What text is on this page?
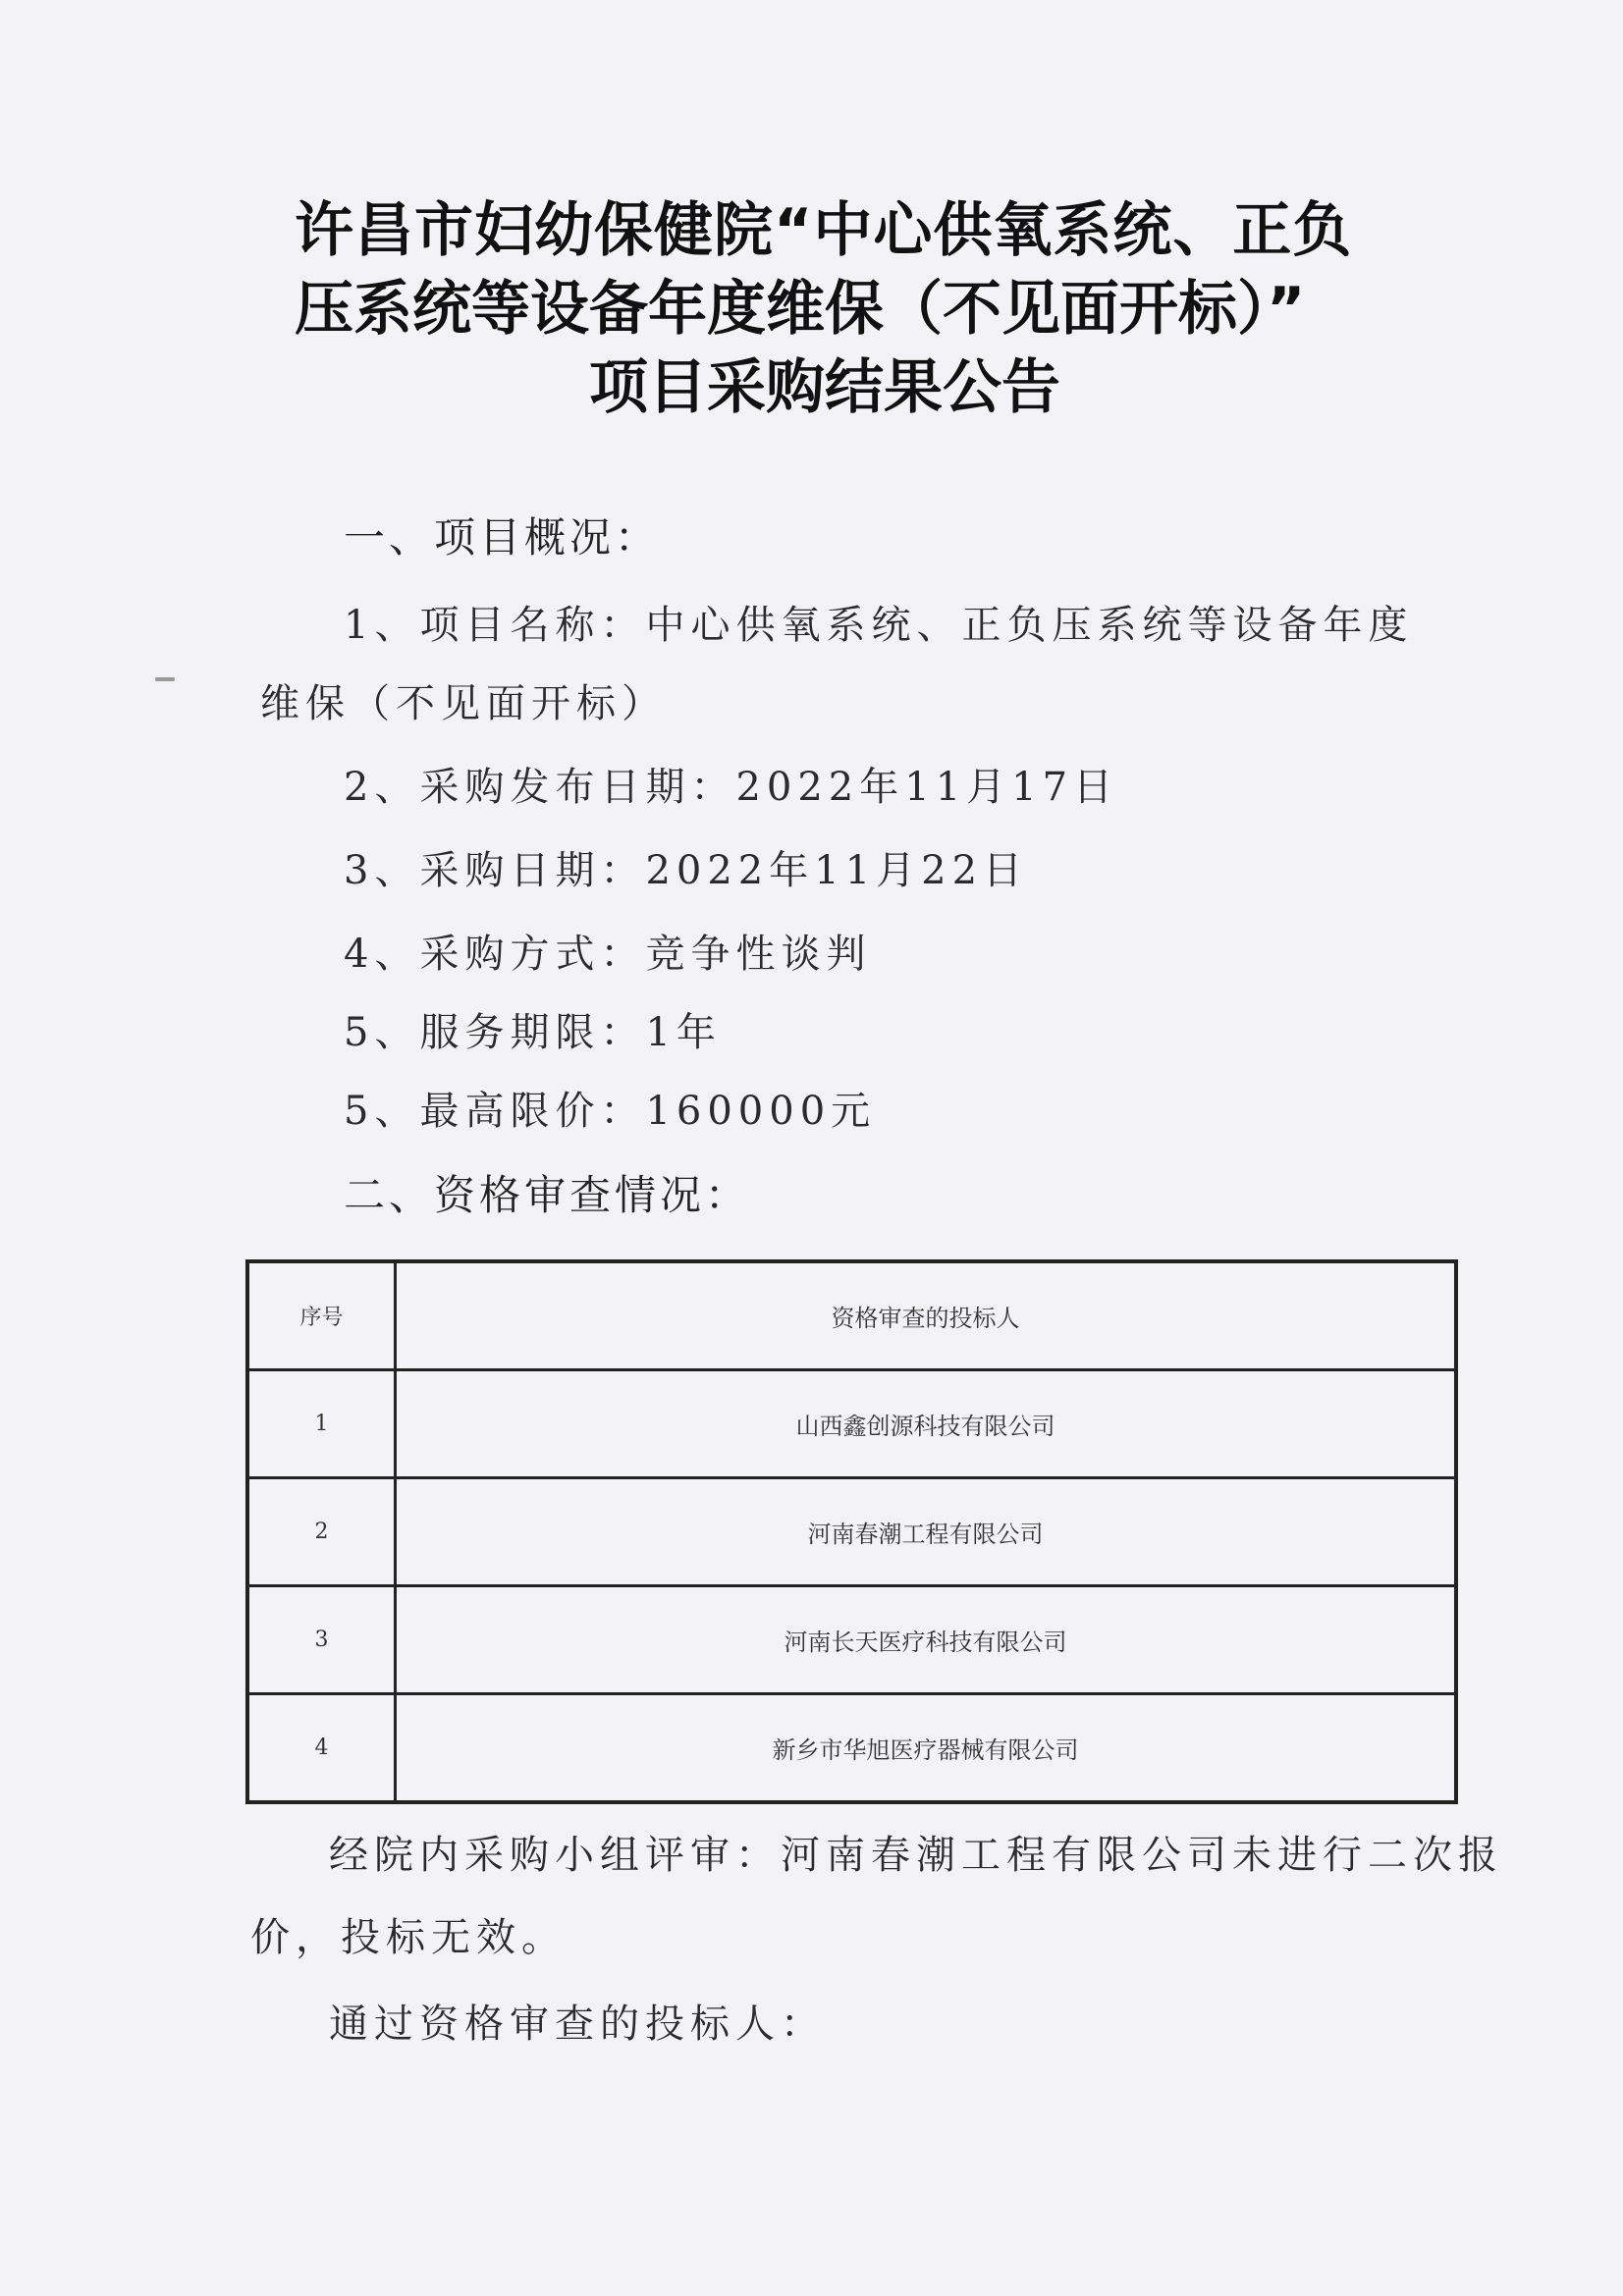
许昌市妇幼保健院“中心供氧系统、正负
压系统等设备年度维保（不见面开标）”
项目采购结果公告
一、项目概况：
1、项目名称：中心供氧系统、正负压系统等设备年度
维保（不见面开标）
2、采购发布日期：2022年11月17日
3、采购日期：2022年11月22日
4、采购方式：竞争性谈判
5、服务期限：1年
5、最高限价：160000元
二、资格审查情况：
序号	资格审查的投标人
1	山西鑫创源科技有限公司
2	河南春潮工程有限公司
3	河南长天医疗科技有限公司
4	新乡市华旭医疗器械有限公司
经院内采购小组评审：河南春潮工程有限公司未进行二次报
价，投标无效。
通过资格审查的投标人：
